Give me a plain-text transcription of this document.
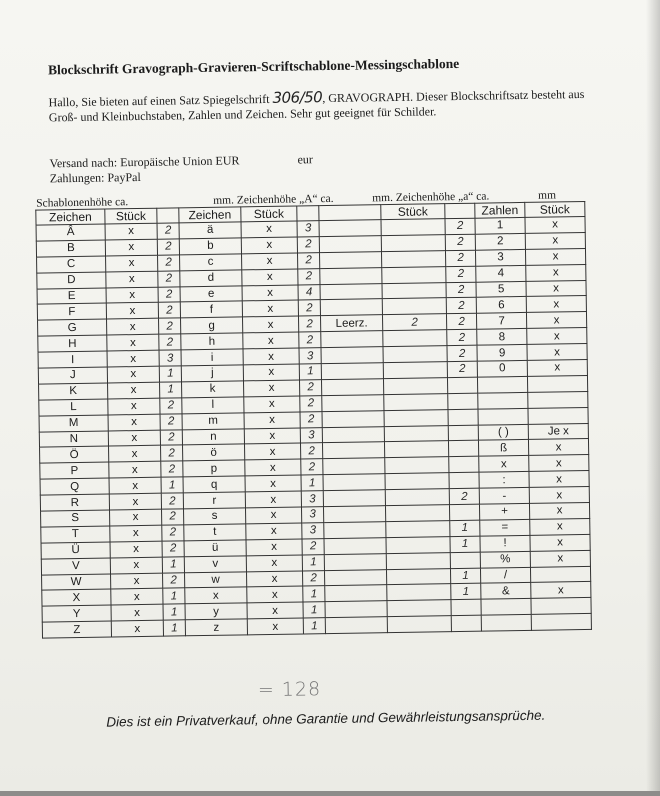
Blockschrift Gravograph-Gravieren-Scriftschablone-Messingschablone
Hallo, Sie bieten auf einen Satz Spiegelschrift 306/50, GRAVOGRAPH. Dieser Blockschriftsatz besteht aus Groß- und Kleinbuchstaben, Zahlen und Zeichen. Sehr gut geeignet für Schilder.
Versand nach: Europäische Union EUR	eur
Zahlungen: PayPal
Schablonenhöhe ca.	mm. Zeichenhöhe „A“ ca.	mm. Zeichenhöhe „a“ ca.	mm
Zeichen	Stück		Zeichen	Stück			Stück		Zahlen	Stück
Â	x	2	ä	x	3			2	1	x
B	x	2	b	x	2			2	2	x
C	x	2	c	x	2			2	3	x
D	x	2	d	x	2			2	4	x
E	x	2	e	x	4			2	5	x
F	x	2	f	x	2			2	6	x
G	x	2	g	x	2	Leerz.	2	2	7	x
H	x	2	h	x	2			2	8	x
I	x	3	i	x	3			2	9	x
J	x	1	j	x	1			2	0	x
K	x	1	k	x	2					
L	x	2	l	x	2					
M	x	2	m	x	2					
N	x	2	n	x	3				( )	Je x
Ö	x	2	ö	x	2				ß	x
P	x	2	p	x	2				x	x
Q	x	1	q	x	1				:	x
R	x	2	r	x	3			2	-	x
S	x	2	s	x	3				+	x
T	x	2	t	x	3			1	=	x
Ü	x	2	ü	x	2			1	!	x
V	x	1	v	x	1				%	x
W	x	2	w	x	2			1	/	
X	x	1	x	x	1			1	&	x
Y	x	1	y	x	1					
Z	x	1	z	x	1					
= 128
Dies ist ein Privatverkauf, ohne Garantie und Gewährleistungsansprüche.
